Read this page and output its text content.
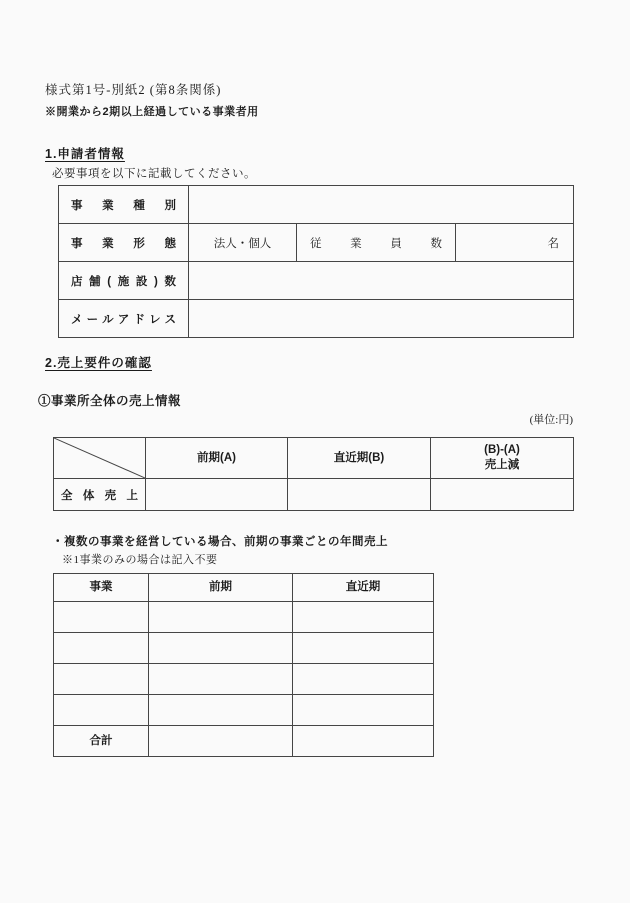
様式第1号-別紙2 (第8条関係)
※開業から2期以上経過している事業者用
1.申請者情報
必要事項を以下に記載してください。
事業種別			
事業形態	法人・個人	従業員数	名
店舗(施設)数			
メールアドレス			
2.売上要件の確認
①事業所全体の売上情報
(単位:円)
	前期(A)	直近期(B)	(B)-(A)
売上減

全体売上			
・複数の事業を経営している場合、前期の事業ごとの年間売上
※1事業のみの場合は記入不要
事業	前期	直近期

合計		
